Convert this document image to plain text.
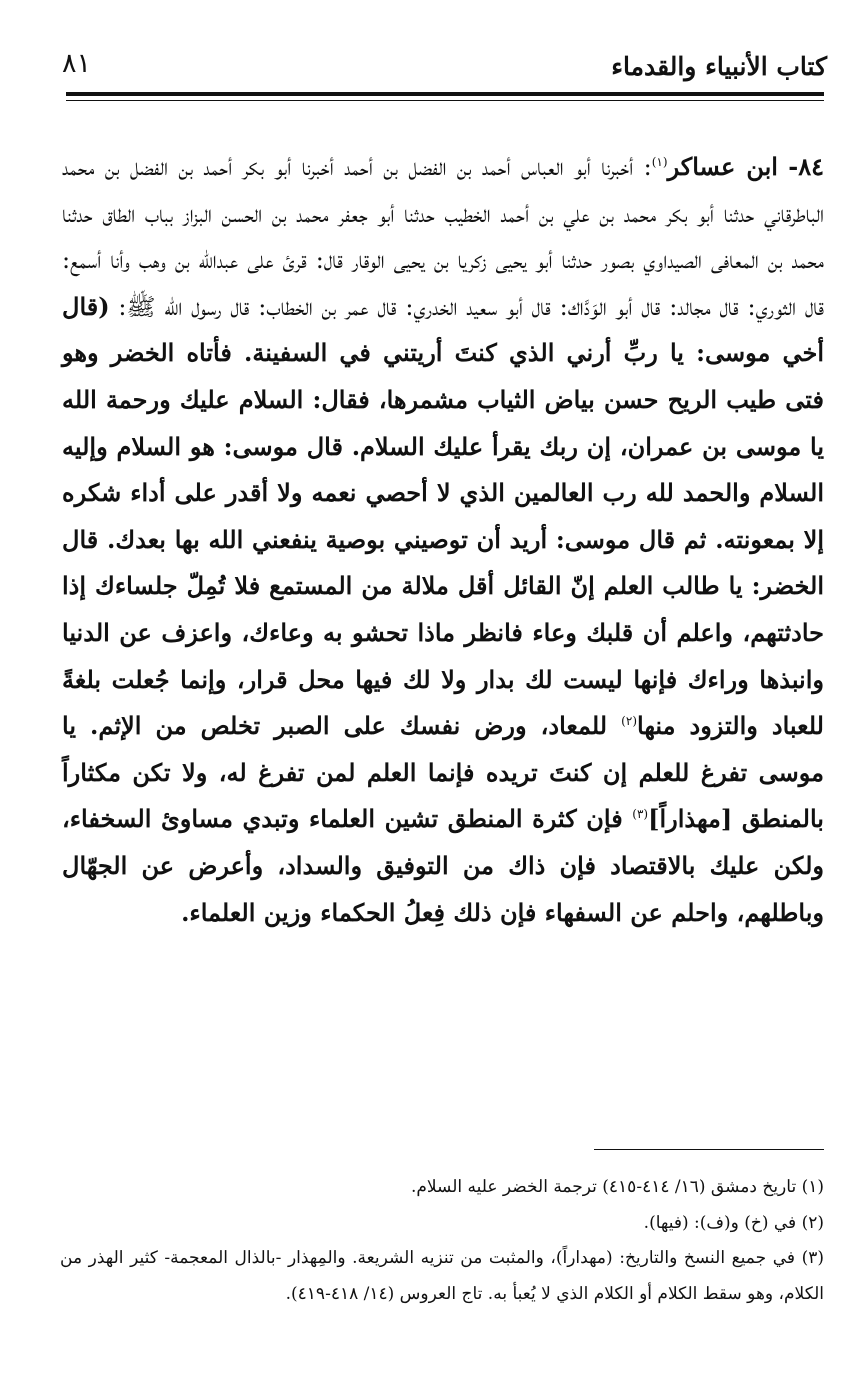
كتاب الأنبياء والقدماء
٨١
٨٤- ابن عساكر$^{(١)}$: أخبرنا أبو العباس أحمد بن الفضل بن أحمد أخبرنا أبو بكر أحمد بن الفضل بن محمد الباطرقاني حدثنا أبو بكر محمد بن علي بن أحمد الخطيب حدثنا أبو جعفر محمد بن الحسن البزاز بباب الطاق حدثنا محمد بن المعافى الصيداوي بصور حدثنا أبو يحيى زكريا بن يحيى الوقار قال: قرئ على عبدالله بن وهب وأنا أسمع: قال الثوري: قال مجالد: قال أبو الوَدَّاك: قال أبو سعيد الخدري: قال عمر بن الخطاب: قال رسول الله ﷺ: (قال أخي موسى: يا ربِّ أرني الذي كنتَ أريتني في السفينة. فأتاه الخضر وهو فتى طيب الريح حسن بياض الثياب مشمرها، فقال: السلام عليك ورحمة الله يا موسى بن عمران، إن ربك يقرأ عليك السلام. قال موسى: هو السلام وإليه السلام والحمد لله رب العالمين الذي لا أحصي نعمه ولا أقدر على أداء شكره إلا بمعونته. ثم قال موسى: أريد أن توصيني بوصية ينفعني الله بها بعدك. قال الخضر: يا طالب العلم إنّ القائل أقل ملالة من المستمع فلا تُمِلّ جلساءك إذا حادثتهم، واعلم أن قلبك وعاء فانظر ماذا تحشو به وعاءك، واعزف عن الدنيا وانبذها وراءك فإنها ليست لك بدار ولا لك فيها محل قرار، وإنما جُعلت بلغةً للعباد والتزود منها$^{(٢)}$ للمعاد، ورض نفسك على الصبر تخلص من الإثم. يا موسى تفرغ للعلم إن كنتَ تريده فإنما العلم لمن تفرغ له، ولا تكن مكثاراً بالمنطق [مهذاراً]$^{(٣)}$ فإن كثرة المنطق تشين العلماء وتبدي مساوئ السخفاء، ولكن عليك بالاقتصاد فإن ذاك من التوفيق والسداد، وأعرض عن الجهّال وباطلهم، واحلم عن السفهاء فإن ذلك فِعلُ الحكماء وزين العلماء.

(١) تاريخ دمشق (١٦/ ٤١٤-٤١٥) ترجمة الخضر عليه السلام.

(٢) في (خ) و(ف): (فيها).

(٣) في جميع النسخ والتاريخ: (مهداراً)، والمثبت من تنزيه الشريعة. والمِهذار -بالذال المعجمة- كثير الهذر من الكلام، وهو سقط الكلام أو الكلام الذي لا يُعبأ به. تاج العروس (١٤/ ٤١٨-٤١٩).
